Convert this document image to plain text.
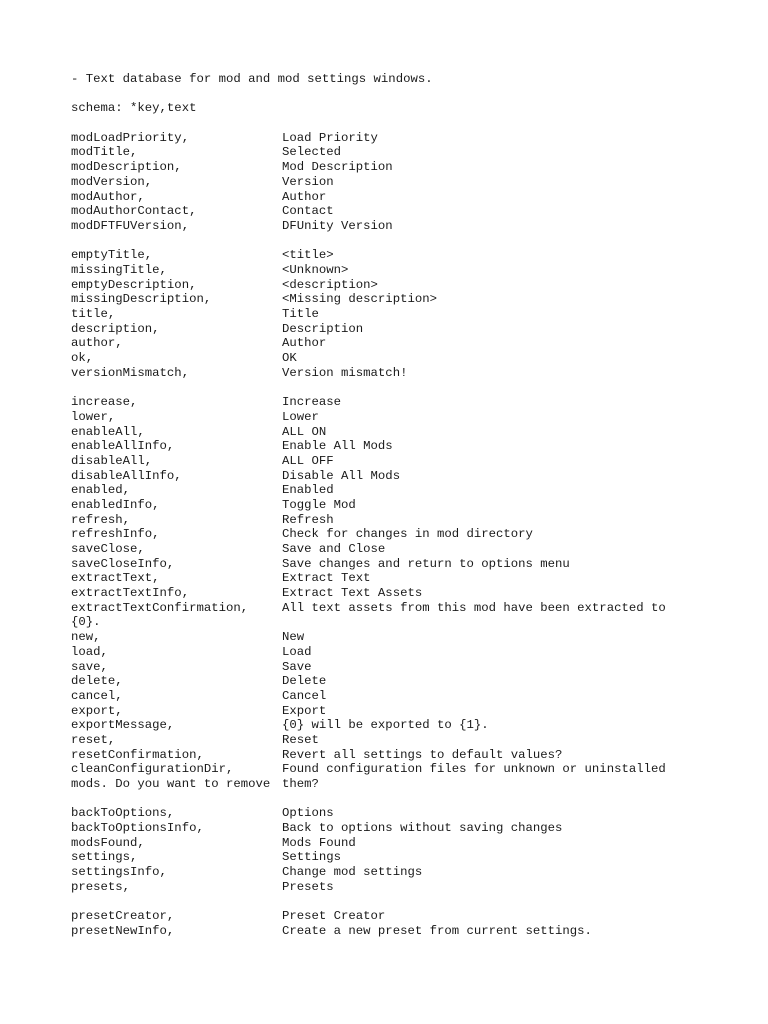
- Text database for mod and mod settings windows.
schema: *key,text
modLoadPriority,	Load Priority
modTitle,	Selected
modDescription,	Mod Description
modVersion,	Version
modAuthor,	Author
modAuthorContact,	Contact
modDFTFUVersion,	DFUnity Version
emptyTitle,	<title>
missingTitle,	<Unknown>
emptyDescription,	<description>
missingDescription,	<Missing description>
title,	Title
description,	Description
author,	Author
ok,	OK
versionMismatch,	Version mismatch!
increase,	Increase
lower,	Lower
enableAll,	ALL ON
enableAllInfo,	Enable All Mods
disableAll,	ALL OFF
disableAllInfo,	Disable All Mods
enabled,	Enabled
enabledInfo,	Toggle Mod
refresh,	Refresh
refreshInfo,	Check for changes in mod directory
saveClose,	Save and Close
saveCloseInfo,	Save changes and return to options menu
extractText,	Extract Text
extractTextInfo,	Extract Text Assets
extractTextConfirmation,	All text assets from this mod have been extracted to
{0}.
new,	New
load,	Load
save,	Save
delete,	Delete
cancel,	Cancel
export,	Export
exportMessage,	{0} will be exported to {1}.
reset,	Reset
resetConfirmation,	Revert all settings to default values?
cleanConfigurationDir,	Found configuration files for unknown or uninstalled
mods. Do you want to remove them?
backToOptions,	Options
backToOptionsInfo,	Back to options without saving changes
modsFound,	Mods Found
settings,	Settings
settingsInfo,	Change mod settings
presets,	Presets
presetCreator,	Preset Creator
presetNewInfo,	Create a new preset from current settings.
